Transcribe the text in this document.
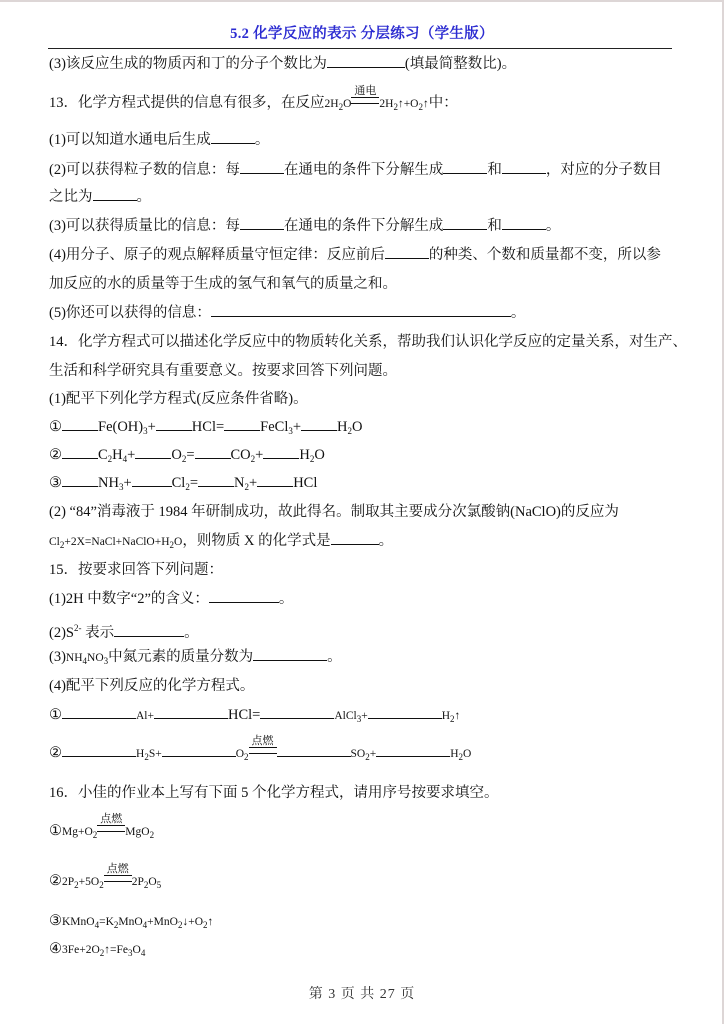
5.2 化学反应的表示 分层练习（学生版）
(3)该反应生成的物质丙和丁的分子个数比为	(填最简整数比)。
13．化学方程式提供的信息有很多，在反应$2H_2O$
通电
$2H_2↑+O_2↑$中：
(1)可以知道水通电后生成	。
(2)可以获得粒子数的信息：每	在通电的条件下分解生成	和	，对应的分子数目
之比为	。
(3)可以获得质量比的信息：每	在通电的条件下分解生成	和	。
(4)用分子、原子的观点解释质量守恒定律：反应前后	的种类、个数和质量都不变，所以参
加反应的水的质量等于生成的氢气和氧气的质量之和。
(5)你还可以获得的信息：	。
14．化学方程式可以描述化学反应中的物质转化关系，帮助我们认识化学反应的定量关系，对生产、
生活和科学研究具有重要意义。按要求回答下列问题。
(1)配平下列化学方程式(反应条件省略)。
① $Fe(OH)_3+ HCl=$ FeCl$_3$+ $H_2O$
② $C_2H_4+ O_2= CO_2+ H_2O$
③ $NH_3+$	$Cl_2= N_2+$ HCl
(2) “84”消毒液于 1984 年研制成功，故此得名。制取其主要成分次氯酸钠(NaClO)的反应为
$Cl_2+2X=NaCl+NaClO+H_2O$，则物质 X 的化学式是	。
15．按要求回答下列问题：
(1)2H 中数字“2”的含义：	。
$(2)S^{2-}$ 表示	。
$(3)NH_4NO_3$中氮元素的质量分数为	。
(4)配平下列反应的化学方程式。
①	Al+	HCl=	AlCl$_3$+	$H_2↑$
②	$H_2S+$	$O_2$
点燃
$SO_2+$	$H_2O$
16．小佳的作业本上写有下面 5 个化学方程式，请用序号按要求填空。
$①Mg+O_2$
点燃
MgO$_2$
$②2P_2+5O_2$
点燃
$2P_2O_5$
$③KMnO_4=K_2MnO_4+MnO_2↓+O_2↑$
$④3Fe+2O_2↑=Fe_3O_4$
第 3 页 共 27 页
